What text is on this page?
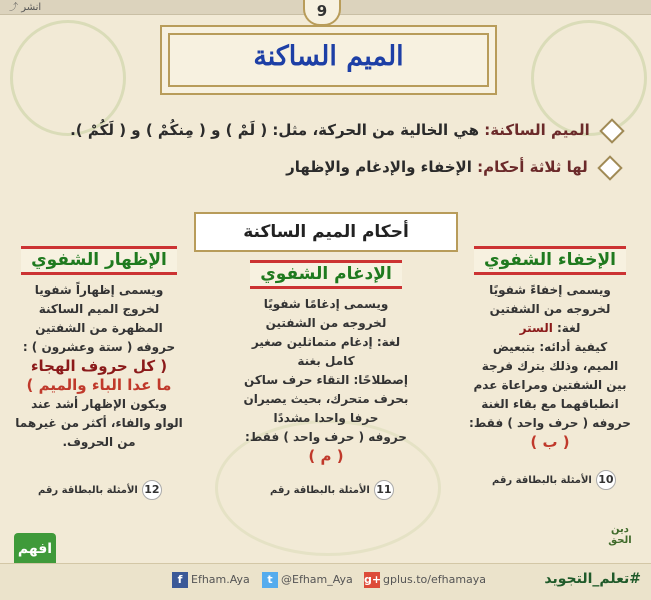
انشر ⤴	9
الميم الساكنة
الميم الساكنة: هي الخالية من الحركة، مثل: ( لَمْ ) و ( مِنكُمْ ) و ( لَكُمْ ).
لها ثلاثة أحكام: الإخفاء والإدغام والإظهار
أحكام الميم الساكنة
الإخفاء الشفوي
ويسمى إخفاءً شفويًا
لخروجه من الشفتين
لغة: الستر
كيفية أدائه: بتبعيض
الميم، وذلك بترك فرجة
بين الشفتين ومراعاة عدم
انطباقهما مع بقاء الغنة
حروفه ( حرف واحد ) فقط:
( ب )
الإدغام الشفوي
ويسمى إدغامًا شفويًا
لخروجه من الشفتين
لغة: إدغام متماثلين صغير
كامل بغنة
إصطلاحًا: التقاء حرف ساكن
بحرف متحرك، بحيث يصيران
حرفا واحدا مشددًا
حروفه ( حرف واحد ) فقط:
( م )
الإظهار الشفوي
ويسمى إظهاراً شفويا
لخروج الميم الساكنة
المظهرة من الشفتين
حروفه ( ستة وعشرون ) :
( كل حروف الهجاء
ما عدا الباء والميم )
ويكون الإظهار أشد عند
الواو والفاء، أكثر من غيرهما
من الحروف.
10الأمثلة بالبطاقة رقم
11الأمثلة بالبطاقة رقم
12الأمثلة بالبطاقة رقم
افهم
دين الحق
f Efham.Aya	t @Efham_Aya g+ gplus.to/efhamaya	#تعلم_التجويد
